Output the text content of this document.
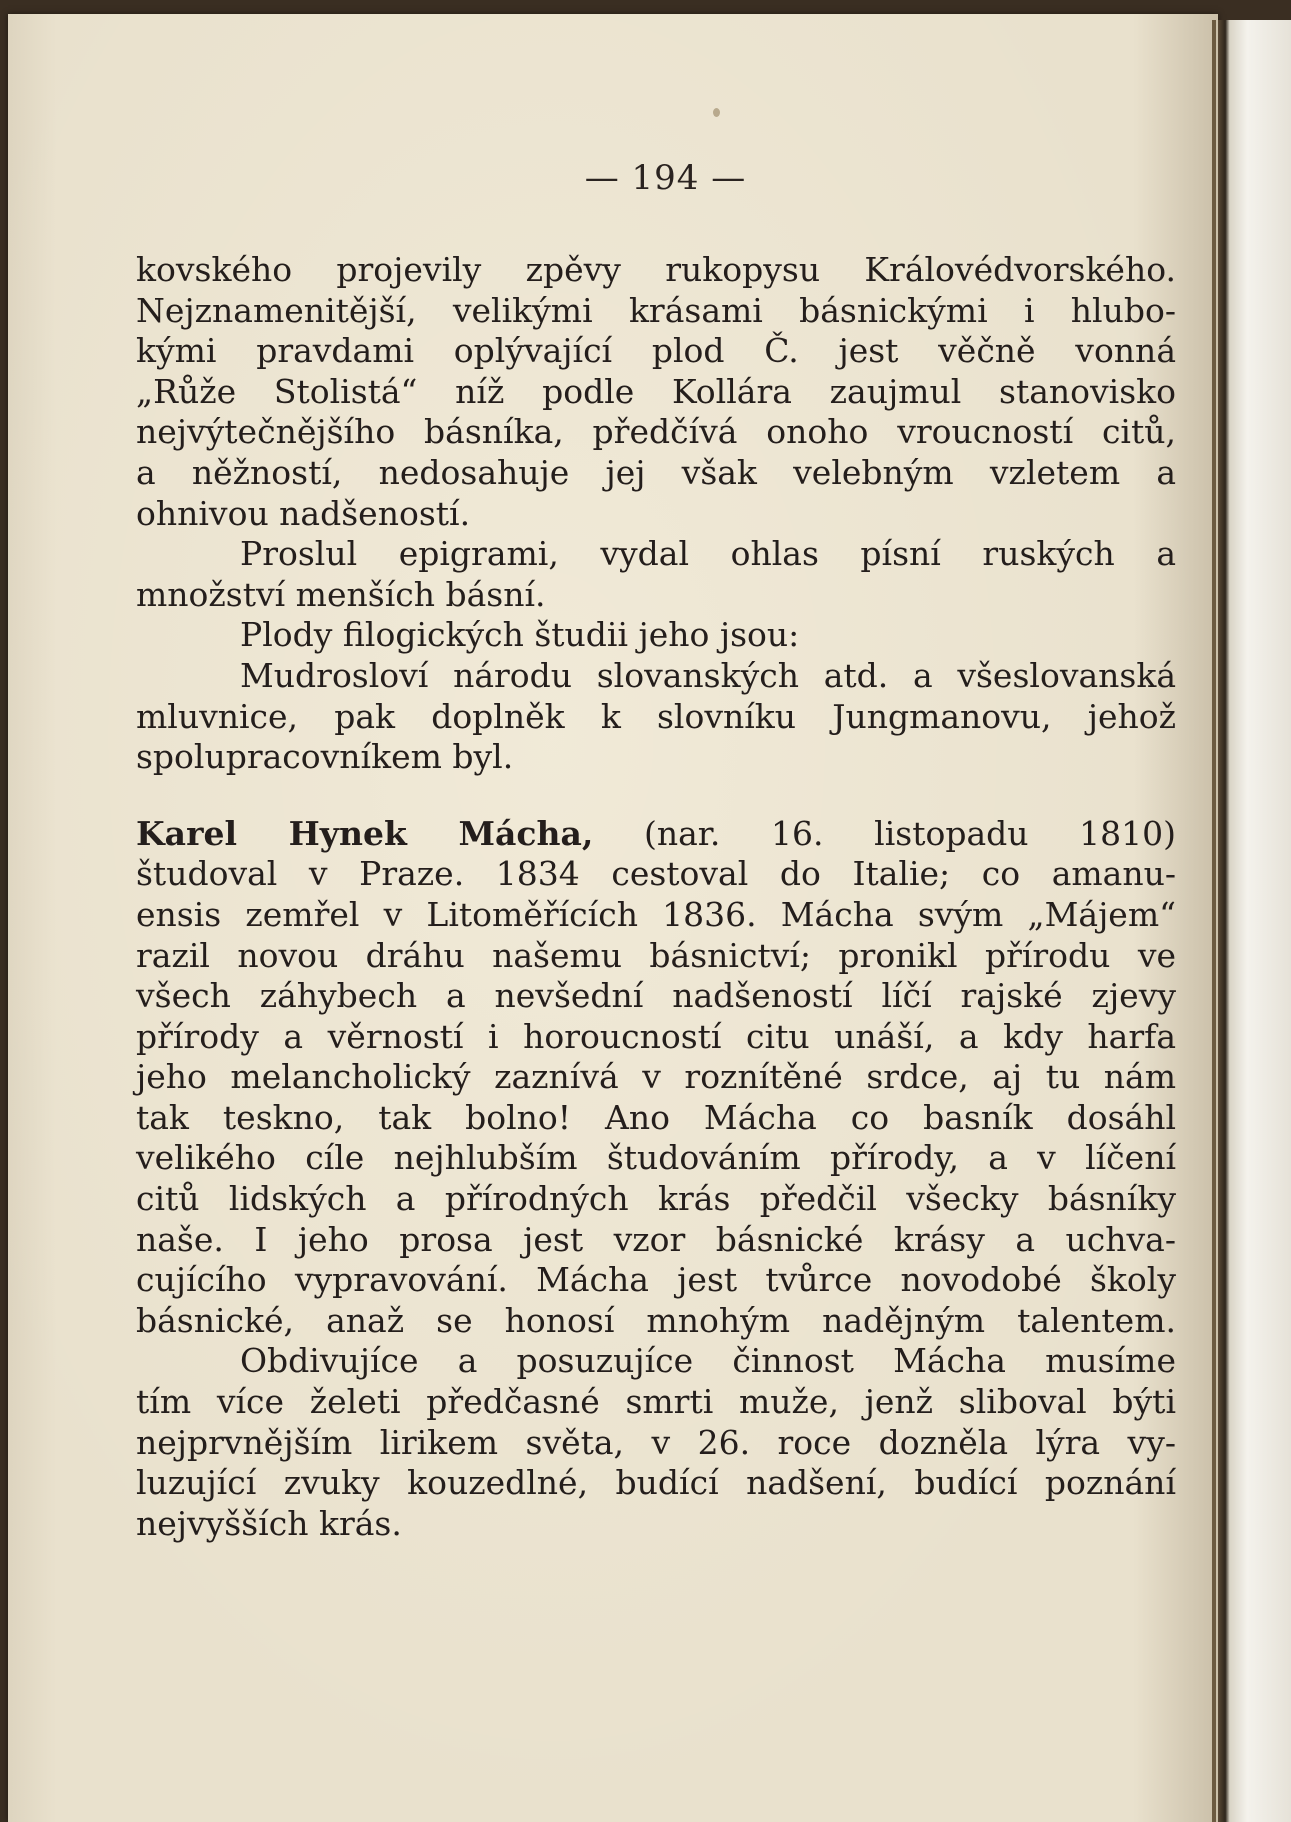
— 194 —
kovského projevily zpěvy rukopysu Královédvorského.
Nejznamenitější, velikými krásami básnickými i hlubo-
kými pravdami oplývající plod Č. jest věčně vonná
„Růže Stolistá“ níž podle Kollára zaujmul stanovisko
nejvýtečnějšího básníka, předčívá onoho vroucností citů,
a něžností, nedosahuje jej však velebným vzletem a
ohnivou nadšeností.
Proslul epigrami, vydal ohlas písní ruských a
množství menších básní.
Plody filogických študii jeho jsou:
Mudrosloví národu slovanských atd. a všeslovanská
mluvnice, pak doplněk k slovníku Jungmanovu, jehož
spolupracovníkem byl.
Karel Hynek Mácha, (nar. 16. listopadu 1810)
študoval v Praze. 1834 cestoval do Italie; co amanu-
ensis zemřel v Litoměřících 1836. Mácha svým „Májem“
razil novou dráhu našemu básnictví; pronikl přírodu ve
všech záhybech a nevšední nadšeností líčí rajské zjevy
přírody a věrností i horoucností citu unáší, a kdy harfa
jeho melancholický zaznívá v roznítěné srdce, aj tu nám
tak teskno, tak bolno! Ano Mácha co basník dosáhl
velikého cíle nejhlubším študováním přírody, a v líčení
citů lidských a přírodných krás předčil všecky básníky
naše. I jeho prosa jest vzor básnické krásy a uchva-
cujícího vypravování. Mácha jest tvůrce novodobé školy
básnické, anaž se honosí mnohým nadějným talentem.
Obdivujíce a posuzujíce činnost Mácha musíme
tím více želeti předčasné smrti muže, jenž sliboval býti
nejprvnějším lirikem světa, v 26. roce dozněla lýra vy-
luzující zvuky kouzedlné, budící nadšení, budící poznání
nejvyšších krás.
